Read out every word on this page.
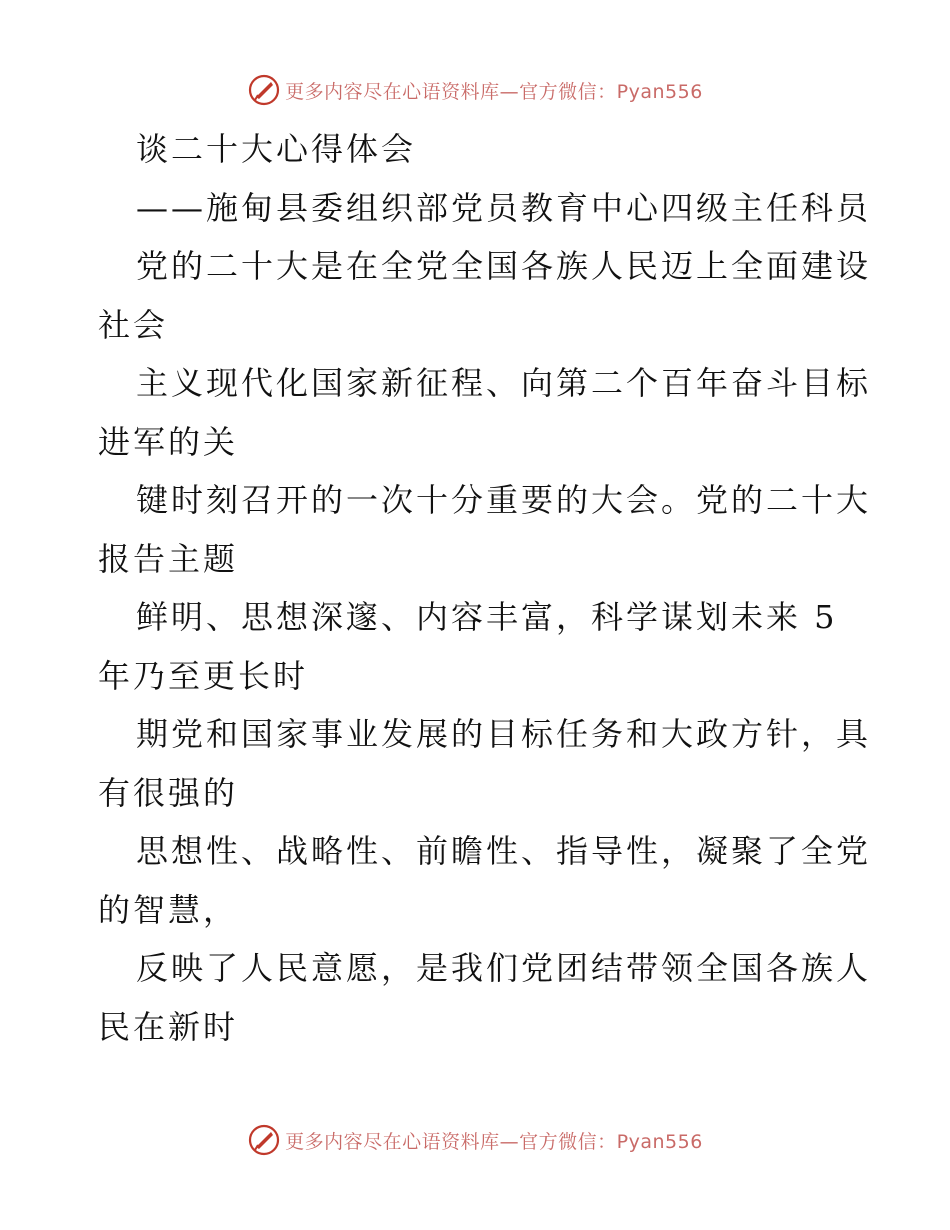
更多内容尽在心语资料库—官方微信：Pyan556
谈二十大心得体会
——施甸县委组织部党员教育中心四级主任科员
党的二十大是在全党全国各族人民迈上全面建设
社会
主义现代化国家新征程、向第二个百年奋斗目标
进军的关
键时刻召开的一次十分重要的大会。党的二十大
报告主题
鲜明、思想深邃、内容丰富，科学谋划未来 5
年乃至更长时
期党和国家事业发展的目标任务和大政方针，具
有很强的
思想性、战略性、前瞻性、指导性，凝聚了全党
的智慧，
反映了人民意愿，是我们党团结带领全国各族人
民在新时
更多内容尽在心语资料库—官方微信：Pyan556
